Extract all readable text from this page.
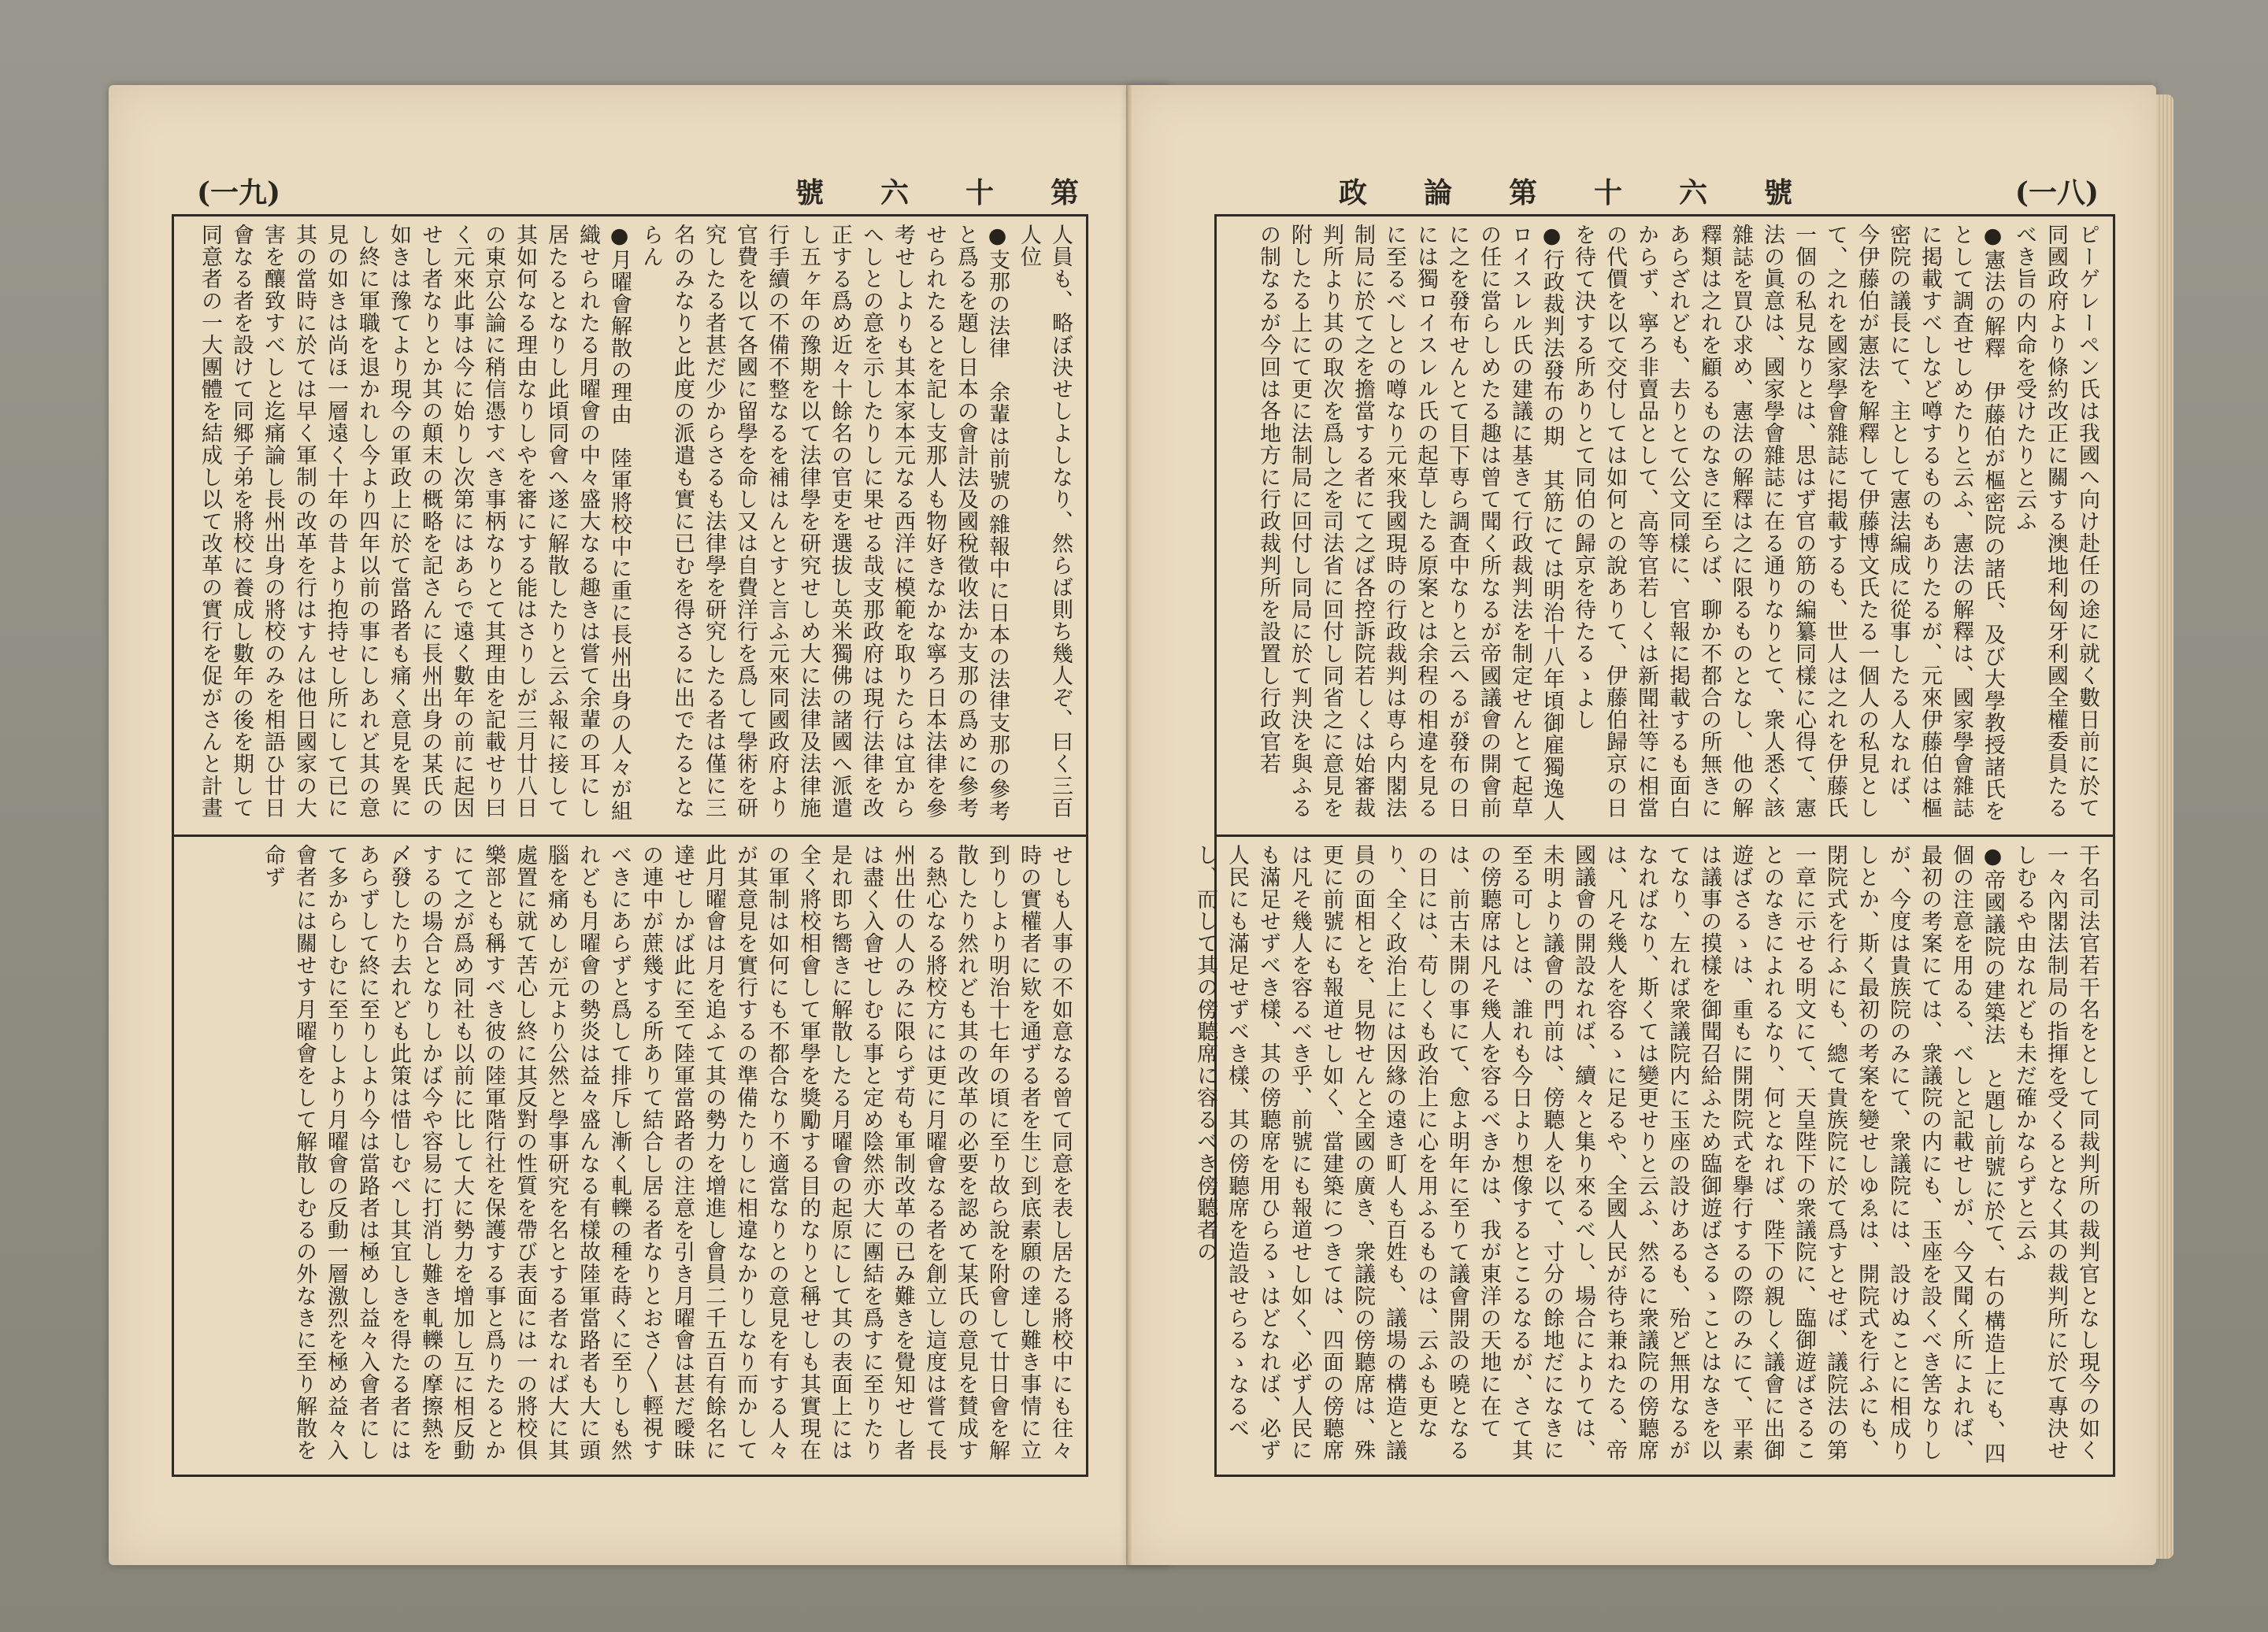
(一九)	號　　六　　十　　第	政　　論　　第　　十　　六　　號	(一八)

人員も、略ぼ決せしよしなり、然らば則ち幾人ぞ、曰く三百人位

●支那の法律　余輩は前號の雜報中に日本の法律支那の參考と爲るを題し日本の會計法及國稅徵收法か支那の爲めに參考せられたるとを記し支那人も物好きなかな寧ろ日本法律を參考せしよりも其本家本元なる西洋に模範を取りたらは宜からへしとの意を示したりしに果せる哉支那政府は現行法律を改正する爲め近々十餘名の官吏を選拔し英米獨佛の諸國へ派遣し五ヶ年の豫期を以て法律學を研究せしめ大に法律及法律施行手續の不備不整なるを補はんとすと言ふ元來同國政府より官費を以て各國に留學を命し又は自費洋行を爲して學術を研究したる者甚だ少からさるも法律學を研究したる者は僅に三名のみなりと此度の派遣も實に已むを得さるに出でたるとならん

●月曜會解散の理由　陸軍將校中に重に長州出身の人々が組織せられたる月曜會の中々盛大なる趣きは嘗て余輩の耳にし居たるとなりし此頃同會へ遂に解散したりと云ふ報に接して其如何なる理由なりしやを審にする能はさりしが三月廿八日の東京公論に稍信憑すべき事柄なりとて其理由を記載せり曰く元來此事は今に始りし次第にはあらで遠く數年の前に起因せし者なりとか其の顛末の概略を記さんに長州出身の某氏の如きは豫てより現今の軍政上に於て當路者も痛く意見を異にし終に軍職を退かれし今より四年以前の事にしあれど其の意見の如きは尚ほ一層遠く十年の昔より抱持せし所にして已に其の當時に於ては早く軍制の改革を行はすんは他日國家の大害を釀致すべしと迄痛論し長州出身の將校のみを相語ひ廿日會なる者を設けて同郷子弟を將校に養成し數年の後を期して同意者の一大團體を結成し以て改革の實行を促がさんと計畫

せしも人事の不如意なる曾て同意を表し居たる將校中にも往々時の實權者に欵を通ずる者を生じ到底素願の達し難き事情に立到りしより明治十七年の頃に至り故ら說を附會して廿日會を解散したり然れども其の改革の必要を認めて某氏の意見を賛成する熱心なる將校方には更に月曜會なる者を創立し這度は嘗て長州出仕の人のみに限らず苟も軍制改革の已み難きを覺知せし者は盡く入會せしむる事と定め陰然亦大に團結を爲すに至りたり是れ即ち嚮きに解散したる月曜會の起原にして其の表面上には全く將校相會して軍學を獎勵する目的なりと稱せしも其實現在の軍制は如何にも不都合なり不適當なりとの意見を有する人々が其意見を實行するの準備たりしに相違なかりしなり而かして此月曜會は月を追ふて其の勢力を增進し會員二千五百有餘名に達せしかば此に至て陸軍當路者の注意を引き月曜會は甚だ曖昧の連中が蔗幾する所ありて結合し居る者なりとおさ〳〵輕視すべきにあらずと爲して排斥し漸く軋轢の種を蒔くに至りしも然れども月曜會の勢炎は益々盛んなる有樣故陸軍當路者も大に頭腦を痛めしが元より公然と學事研究を名とする者なれば大に其處置に就て苦心し終に其反對の性質を帶び表面には一の將校俱樂部とも稱すべき彼の陸軍階行社を保護する事と爲りたるとかにて之が爲め同社も以前に比して大に勢力を增加し互に相反動するの場合となりしかば今や容易に打消し難き軋轢の摩擦熱を〆發したり去れども此策は惜しむべし其宜しきを得たる者にはあらずして終に至りしより今は當路者は極めし益々入會者にして多からしむに至りしより月曜會の反動一層激烈を極め益々入會者には關せす月曜會をして解散しむるの外なきに至り解散を命ず

ピーゲレーペン氏は我國へ向け赴任の途に就く數日前に於て同國政府より條約改正に關する澳地利匈牙利國全權委員たるべき旨の内命を受けたりと云ふ

●憲法の解釋　伊藤伯が樞密院の諸氏、及び大學教授諸氏をとして調査せしめたりと云ふ、憲法の解釋は、國家學會雜誌に掲載すべしなど噂するものもありたるが、元來伊藤伯は樞密院の議長にて、主として憲法編成に從事したる人なれば、今伊藤伯が憲法を解釋して伊藤博文氏たる一個人の私見として、之れを國家學會雜誌に掲載するも、世人は之れを伊藤氏一個の私見なりとは、思はず官の筋の編纂同樣に心得て、憲法の眞意は、國家學會雜誌に在る通りなりとて、衆人悉く該雜誌を買ひ求め、憲法の解釋は之に限るものとなし、他の解釋類は之れを顧るものなきに至らば、聊か不都合の所無きにあらざれども、去りとて公文同樣に、官報に掲載するも面白からず、寧ろ非賣品として、高等官若しくは新聞社等に相當の代價を以て交付しては如何との說ありて、伊藤伯歸京の日を待て決する所ありとて同伯の歸京を待たるゝよし

●行政裁判法發布の期　其筋にては明治十八年頃御雇獨逸人ロイスレル氏の建議に基きて行政裁判法を制定せんとて起草の任に當らしめたる趣は曾て聞く所なるが帝國議會の開會前に之を發布せんとて目下専ら調査中なりと云へるが發布の日には獨ロイスレル氏の起草したる原案とは余程の相違を見るに至るべしとの噂なり元來我國現時の行政裁判は専ら内閣法制局に於て之を擔當する者にて之ば各控訴院若しくは始審裁判所より其の取次を爲し之を司法省に回付し同省之に意見を附したる上にて更に法制局に回付し同局に於て判決を與ふるの制なるが今回は各地方に行政裁判所を設置し行政官若

干名司法官若干名をとして同裁判所の裁判官となし現今の如く一々內閣法制局の指揮を受くるとなく其の裁判所に於て專決せしむるや由なれども未だ確かならずと云ふ

●帝國議院の建築法　と題し前號に於て、右の構造上にも、四個の注意を用ゐる、べしと記載せしが、今又聞く所によれば、最初の考案にては、衆議院の内にも、玉座を設くべき筈なりしが、今度は貴族院のみにて、衆議院には、設けぬことに相成りしとか、斯く最初の考案を變せしゆゑは、開院式を行ふにも、閉院式を行ふにも、總て貴族院に於て爲すとせば、議院法の第一章に示せる明文にて、天皇陛下の衆議院に、臨御遊ばさることのなきによれるなり、何となれば、陛下の親しく議會に出御遊ばさるゝは、重もに開閉院式を擧行するの際のみにて、平素は議事の摸樣を御聞召給ふため臨御遊ばさるゝことはなきを以てなり、左れば衆議院内に玉座の設けあるも、殆ど無用なるがなればなり、斯くては變更せりと云ふ、然るに衆議院の傍聽席は、凡そ幾人を容るゝに足るや、全國人民が待ち兼ねたる、帝國議會の開設なれば、續々と集り來るべし、場合によりては、未明より議會の門前は、傍聽人を以て、寸分の餘地だになきに至る可しとは、誰れも今日より想像するとこるなるが、さて其の傍聽席は凡そ幾人を容るべきかは、我が東洋の天地に在ては、前古未開の事にて、愈よ明年に至りて議會開設の曉となるの日には、苟しくも政治上に心を用ふるものは、云ふも更なり、全く政治上には因緣の遠き町人も百姓も、議場の構造と議員の面相とを、見物せんと全國の廣き、衆議院の傍聽席は、殊更に前號にも報道せし如く、當建築につきては、四面の傍聽席は凡そ幾人を容るべき乎、前號にも報道せし如く、必ず人民にも滿足せずべき樣、其の傍聽席を用ひらるゝはどなれば、必ず人民にも滿足せずべき樣、其の傍聽席を造設せらるゝなるべし、而して其の傍聽席に容るべき傍聽者の
